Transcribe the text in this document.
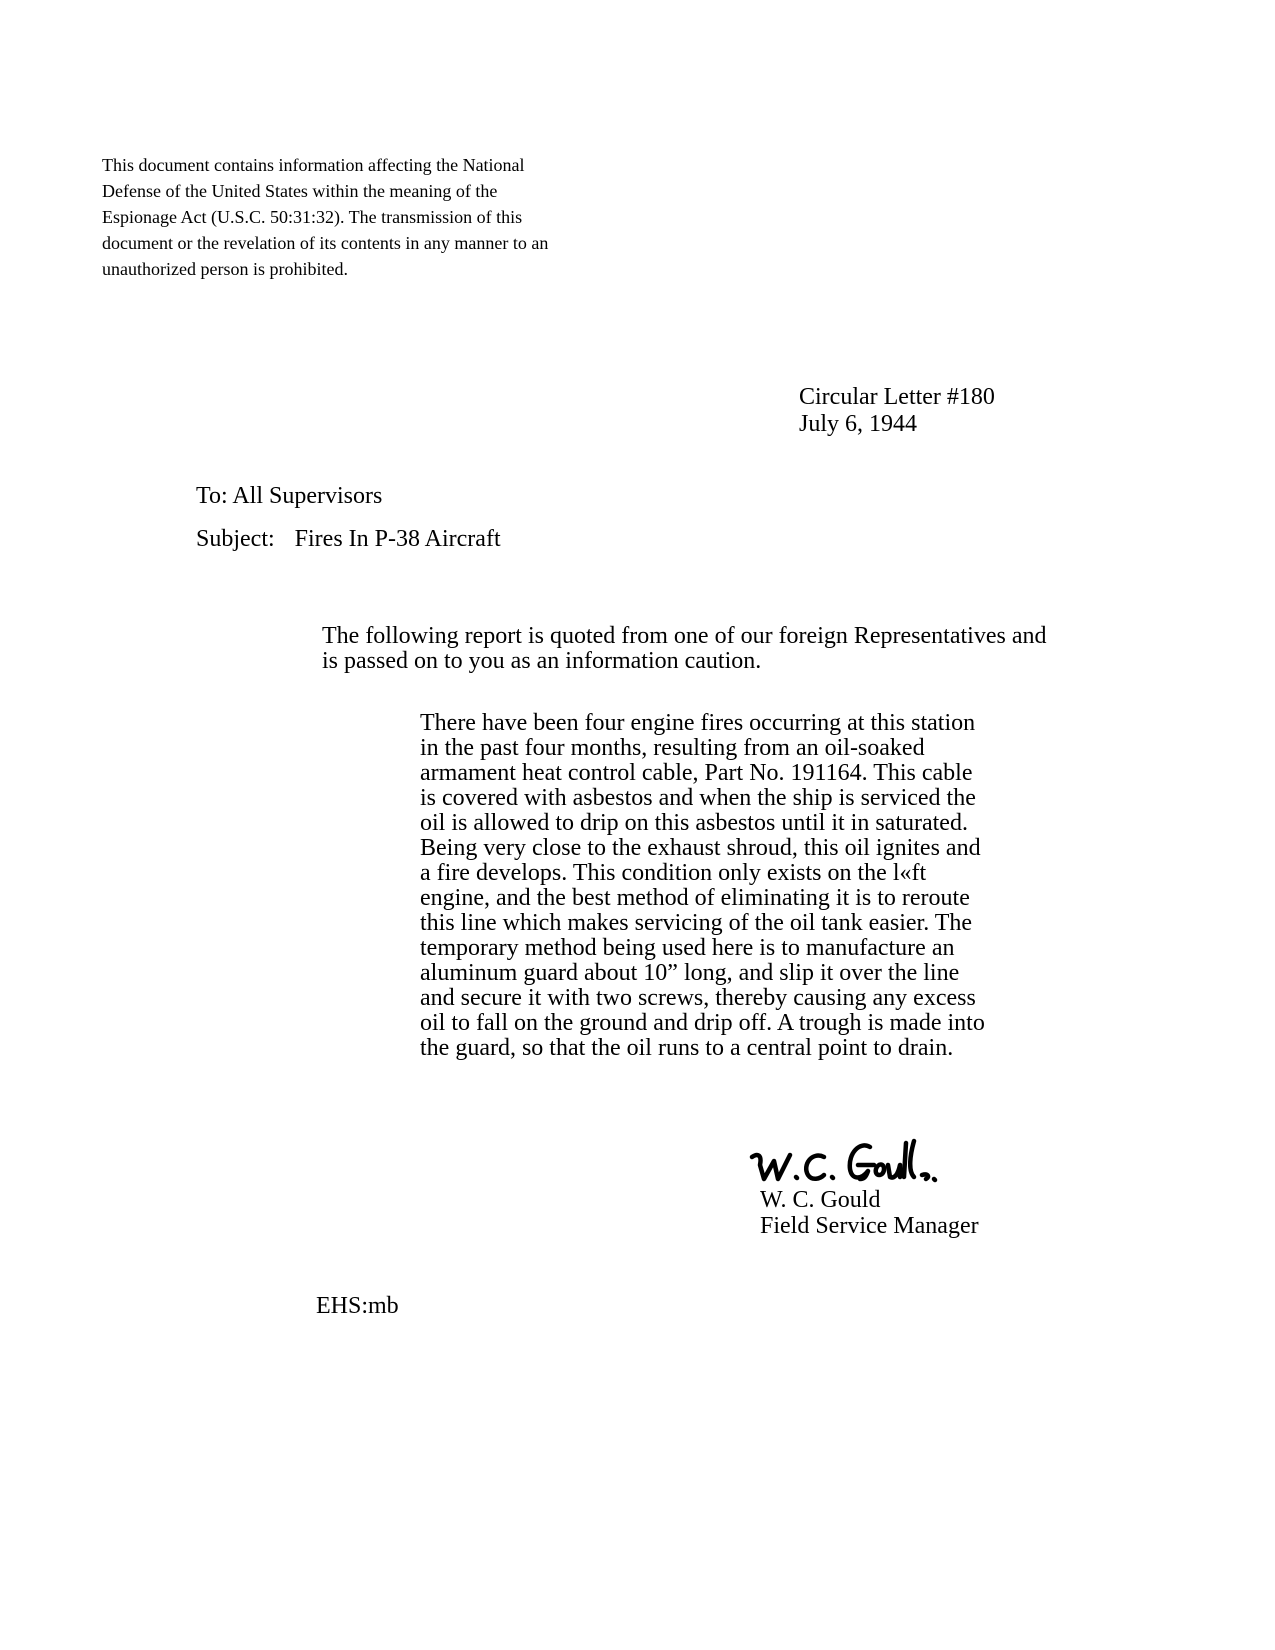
This document contains information affecting the National

Defense of the United States within the meaning of the

Espionage Act (U.S.C. 50:31:32). The transmission of this

document or the revelation of its contents in any manner to an

unauthorized person is prohibited.

Circular Letter #180
July 6, 1944
To: All Supervisors
Subject: Fires In P-38 Aircraft
The following report is quoted from one of our foreign Representatives and
is passed on to you as an information caution.
There have been four engine fires occurring at this station
in the past four months, resulting from an oil-soaked
armament heat control cable, Part No. 191164. This cable
is covered with asbestos and when the ship is serviced the
oil is allowed to drip on this asbestos until it in saturated.
Being very close to the exhaust shroud, this oil ignites and
a fire develops. This condition only exists on the l«ft
engine, and the best method of eliminating it is to reroute
this line which makes servicing of the oil tank easier. The
temporary method being used here is to manufacture an
aluminum guard about 10” long, and slip it over the line
and secure it with two screws, thereby causing any excess
oil to fall on the ground and drip off. A trough is made into
the guard, so that the oil runs to a central point to drain.
W. C. Gould
Field Service Manager
EHS:mb
